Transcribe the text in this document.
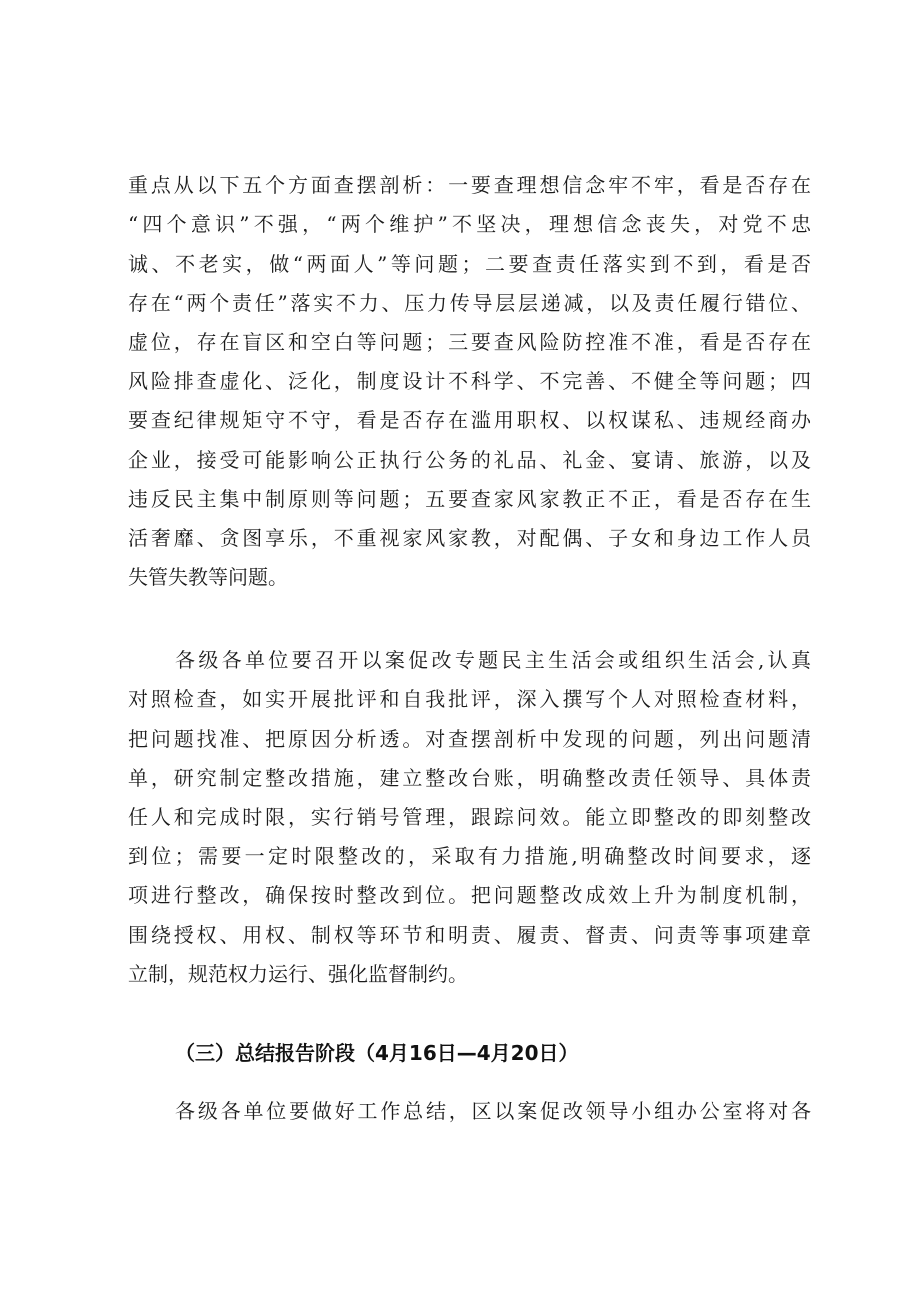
重点从以下五个方面查摆剖析：一要查理想信念牢不牢，看是否存在
“四个意识”不强，“两个维护”不坚决，理想信念丧失，对党不忠
诚、不老实，做“两面人”等问题；二要查责任落实到不到，看是否
存在“两个责任”落实不力、压力传导层层递减，以及责任履行错位、
虚位，存在盲区和空白等问题；三要查风险防控准不准，看是否存在
风险排查虚化、泛化，制度设计不科学、不完善、不健全等问题；四
要查纪律规矩守不守，看是否存在滥用职权、以权谋私、违规经商办
企业，接受可能影响公正执行公务的礼品、礼金、宴请、旅游，以及
违反民主集中制原则等问题；五要查家风家教正不正，看是否存在生
活奢靡、贪图享乐，不重视家风家教，对配偶、子女和身边工作人员
失管失教等问题。
各级各单位要召开以案促改专题民主生活会或组织生活会,认真
对照检查，如实开展批评和自我批评，深入撰写个人对照检查材料，
把问题找准、把原因分析透。对查摆剖析中发现的问题，列出问题清
单，研究制定整改措施，建立整改台账，明确整改责任领导、具体责
任人和完成时限，实行销号管理，跟踪问效。能立即整改的即刻整改
到位；需要一定时限整改的，采取有力措施,明确整改时间要求，逐
项进行整改，确保按时整改到位。把问题整改成效上升为制度机制，
围绕授权、用权、制权等环节和明责、履责、督责、问责等事项建章
立制，规范权力运行、强化监督制约。
（三）总结报告阶段（4月16日—4月20日）
各级各单位要做好工作总结，区以案促改领导小组办公室将对各
